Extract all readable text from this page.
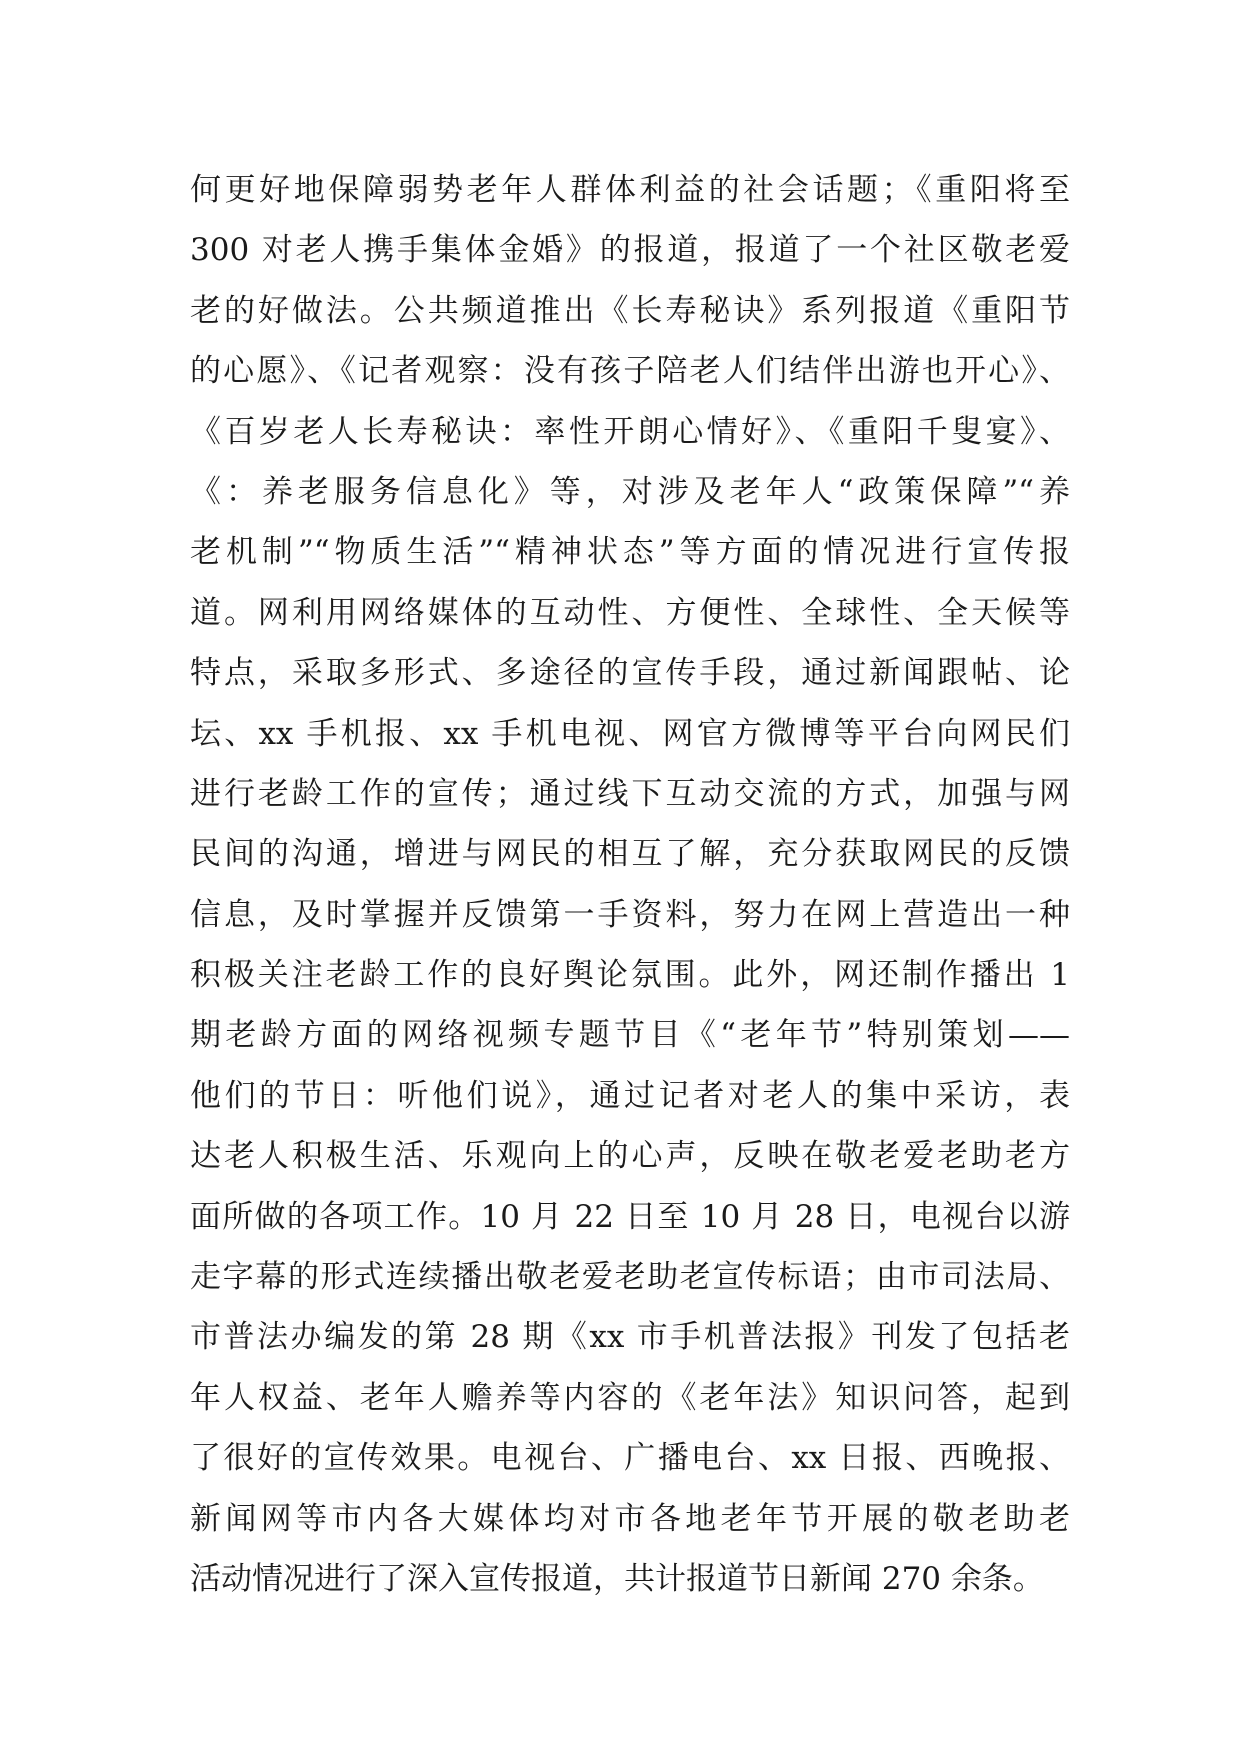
何更好地保障弱势老年人群体利益的社会话题；《重阳将至
300 对老人携手集体金婚》的报道，报道了一个社区敬老爱
老的好做法。公共频道推出《长寿秘诀》系列报道《重阳节
的心愿》、《记者观察：没有孩子陪老人们结伴出游也开心》、
《百岁老人长寿秘诀：率性开朗心情好》、《重阳千叟宴》、
《：养老服务信息化》等，对涉及老年人“政策保障”“养
老机制”“物质生活”“精神状态”等方面的情况进行宣传报
道。网利用网络媒体的互动性、方便性、全球性、全天候等
特点，采取多形式、多途径的宣传手段，通过新闻跟帖、论
坛、xx 手机报、xx 手机电视、网官方微博等平台向网民们
进行老龄工作的宣传；通过线下互动交流的方式，加强与网
民间的沟通，增进与网民的相互了解，充分获取网民的反馈
信息，及时掌握并反馈第一手资料，努力在网上营造出一种
积极关注老龄工作的良好舆论氛围。此外，网还制作播出 1
期老龄方面的网络视频专题节目《“老年节”特别策划——
他们的节日：听他们说》，通过记者对老人的集中采访，表
达老人积极生活、乐观向上的心声，反映在敬老爱老助老方
面所做的各项工作。10 月 22 日至 10 月 28 日，电视台以游
走字幕的形式连续播出敬老爱老助老宣传标语；由市司法局、
市普法办编发的第 28 期《xx 市手机普法报》刊发了包括老
年人权益、老年人赡养等内容的《老年法》知识问答，起到
了很好的宣传效果。电视台、广播电台、xx 日报、西晚报、
新闻网等市内各大媒体均对市各地老年节开展的敬老助老
活动情况进行了深入宣传报道，共计报道节日新闻 270 余条。
